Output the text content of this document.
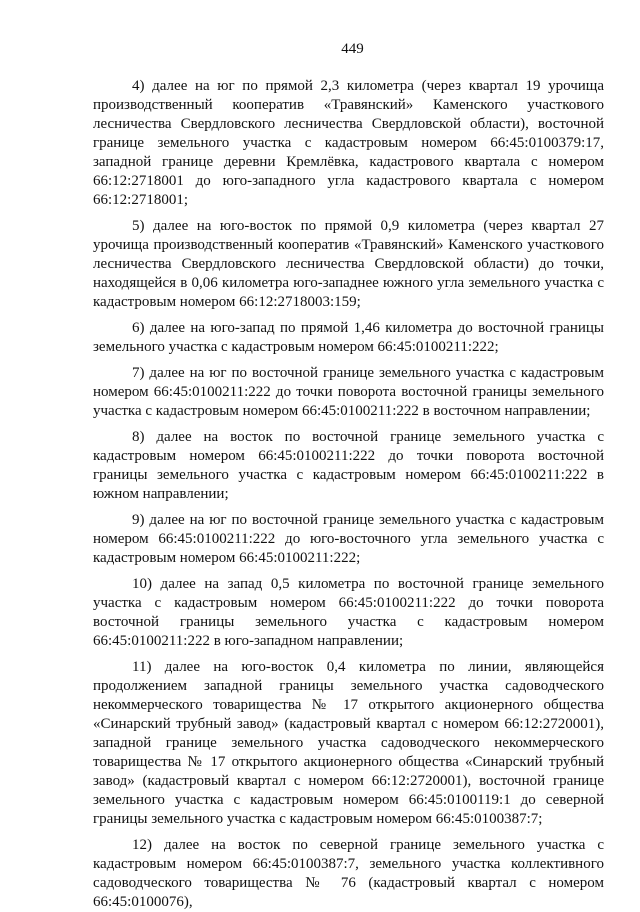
449

4) далее на юг по прямой 2,3 километра (через квартал 19 урочища производственный кооператив «Травянский» Каменского участкового лесничества Свердловского лесничества Свердловской области), восточной границе земельного участка с кадастровым номером 66:45:0100379:17, западной границе деревни Кремлёвка, кадастрового квартала с номером 66:12:2718001 до юго-западного угла кадастрового квартала с номером 66:12:2718001;

5) далее на юго-восток по прямой 0,9 километра (через квартал 27 урочища производственный кооператив «Травянский» Каменского участкового лесничества Свердловского лесничества Свердловской области) до точки, находящейся в 0,06 километра юго-западнее южного угла земельного участка с кадастровым номером 66:12:2718003:159;

6) далее на юго-запад по прямой 1,46 километра до восточной границы земельного участка с кадастровым номером 66:45:0100211:222;

7) далее на юг по восточной границе земельного участка с кадастровым номером 66:45:0100211:222 до точки поворота восточной границы земельного участка с кадастровым номером 66:45:0100211:222 в восточном направлении;

8) далее на восток по восточной границе земельного участка с кадастровым номером 66:45:0100211:222 до точки поворота восточной границы земельного участка с кадастровым номером 66:45:0100211:222 в южном направлении;

9) далее на юг по восточной границе земельного участка с кадастровым номером 66:45:0100211:222 до юго-восточного угла земельного участка с кадастровым номером 66:45:0100211:222;

10) далее на запад 0,5 километра по восточной границе земельного участка с кадастровым номером 66:45:0100211:222 до точки поворота восточной границы земельного участка с кадастровым номером 66:45:0100211:222 в юго-западном направлении;

11) далее на юго-восток 0,4 километра по линии, являющейся продолжением западной границы земельного участка садоводческого некоммерческого товарищества № 17 открытого акционерного общества «Синарский трубный завод» (кадастровый квартал с номером 66:12:2720001), западной границе земельного участка садоводческого некоммерческого товарищества № 17 открытого акционерного общества «Синарский трубный завод» (кадастровый квартал с номером 66:12:2720001), восточной границе земельного участка с кадастровым номером 66:45:0100119:1 до северной границы земельного участка с кадастровым номером 66:45:0100387:7;

12) далее на восток по северной границе земельного участка с кадастровым номером 66:45:0100387:7, земельного участка коллективного садоводческого товарищества № 76 (кадастровый квартал с номером 66:45:0100076),
